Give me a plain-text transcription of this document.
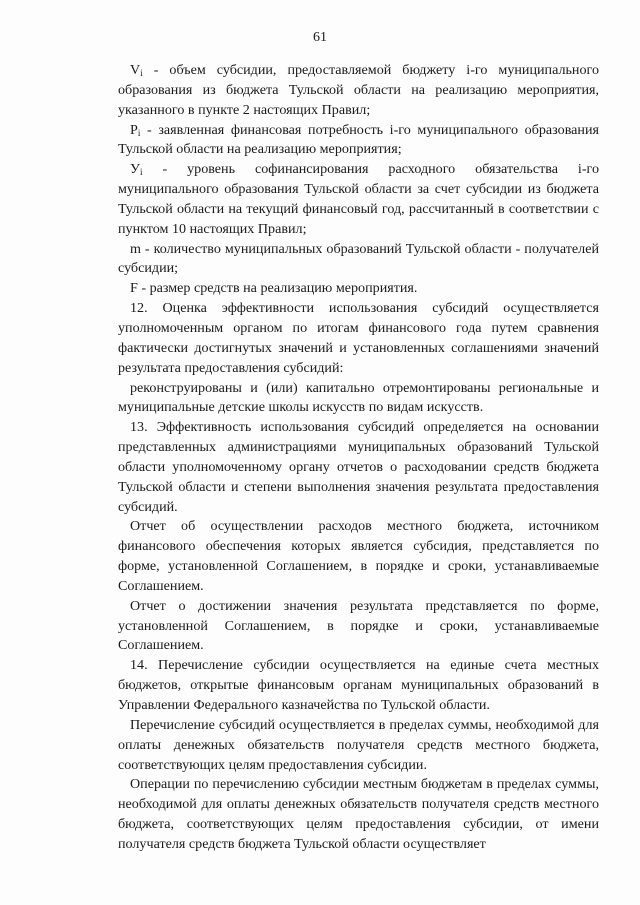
61

$V_i$ - объем субсидии, предоставляемой бюджету i-го муниципального образования из бюджета Тульской области на реализацию мероприятия, указанного в пункте 2 настоящих Правил;

$P_i$ - заявленная финансовая потребность i-го муниципального образования Тульской области на реализацию мероприятия;

$У_i$ - уровень софинансирования расходного обязательства i-го муниципального образования Тульской области за счет субсидии из бюджета Тульской области на текущий финансовый год, рассчитанный в соответствии с пунктом 10 настоящих Правил;

m - количество муниципальных образований Тульской области - получателей субсидии;

F - размер средств на реализацию мероприятия.

12. Оценка эффективности использования субсидий осуществляется уполномоченным органом по итогам финансового года путем сравнения фактически достигнутых значений и установленных соглашениями значений результата предоставления субсидий:

реконструированы и (или) капитально отремонтированы региональные и муниципальные детские школы искусств по видам искусств.

13. Эффективность использования субсидий определяется на основании представленных администрациями муниципальных образований Тульской области уполномоченному органу отчетов о расходовании средств бюджета Тульской области и степени выполнения значения результата предоставления субсидий.

Отчет об осуществлении расходов местного бюджета, источником финансового обеспечения которых является субсидия, представляется по форме, установленной Соглашением, в порядке и сроки, устанавливаемые Соглашением.

Отчет о достижении значения результата представляется по форме, установленной Соглашением, в порядке и сроки, устанавливаемые Соглашением.

14. Перечисление субсидии осуществляется на единые счета местных бюджетов, открытые финансовым органам муниципальных образований в Управлении Федерального казначейства по Тульской области.

Перечисление субсидий осуществляется в пределах суммы, необходимой для оплаты денежных обязательств получателя средств местного бюджета, соответствующих целям предоставления субсидии.

Операции по перечислению субсидии местным бюджетам в пределах суммы, необходимой для оплаты денежных обязательств получателя средств местного бюджета, соответствующих целям предоставления субсидии, от имени получателя средств бюджета Тульской области осуществляет
